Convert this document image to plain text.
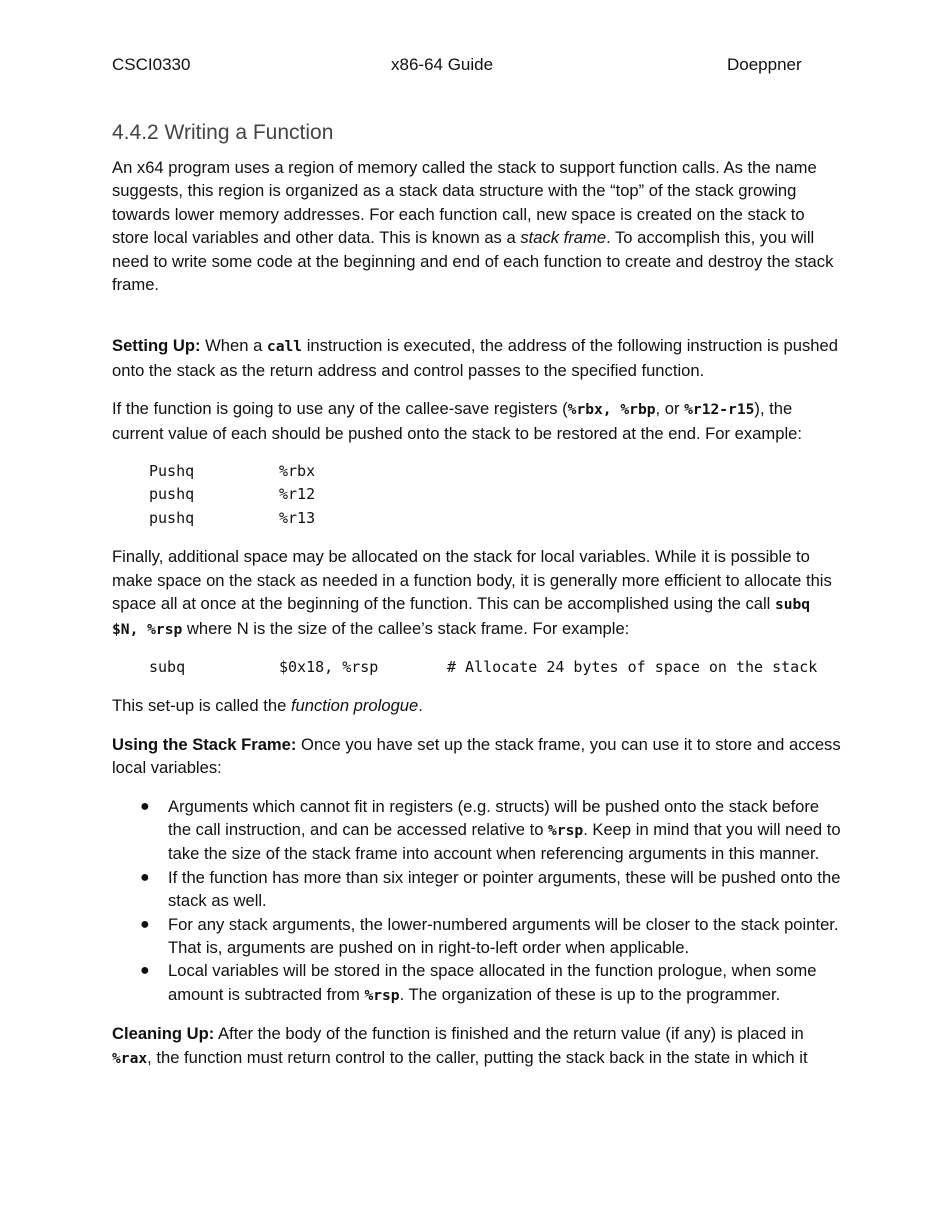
CSCI0330	x86-64 Guide	Doeppner
4.4.2 Writing a Function

An x64 program uses a region of memory called the stack to support function calls. As the name suggests, this region is organized as a stack data structure with the “top” of the stack growing towards lower memory addresses. For each function call, new space is created on the stack to store local variables and other data. This is known as a stack frame. To accomplish this, you will need to write some code at the beginning and end of each function to create and destroy the stack frame.

Setting Up: When a call instruction is executed, the address of the following instruction is pushed onto the stack as the return address and control passes to the specified function.

If the function is going to use any of the callee-save registers (%rbx, %rbp, or %r12-r15), the current value of each should be pushed onto the stack to be restored at the end. For example:

Pushq	%rbx
pushq	%r12
pushq	%r13

Finally, additional space may be allocated on the stack for local variables. While it is possible to make space on the stack as needed in a function body, it is generally more efficient to allocate this space all at once at the beginning of the function. This can be accomplished using the call subq $N, %rsp where N is the size of the callee’s stack frame. For example:

subq	$0x18, %rsp	# Allocate 24 bytes of space on the stack

This set-up is called the function prologue.

Using the Stack Frame: Once you have set up the stack frame, you can use it to store and access local variables:

● Arguments which cannot fit in registers (e.g. structs) will be pushed onto the stack before the call instruction, and can be accessed relative to %rsp. Keep in mind that you will need to take the size of the stack frame into account when referencing arguments in this manner.
● If the function has more than six integer or pointer arguments, these will be pushed onto the stack as well.
● For any stack arguments, the lower-numbered arguments will be closer to the stack pointer. That is, arguments are pushed on in right-to-left order when applicable.
● Local variables will be stored in the space allocated in the function prologue, when some amount is subtracted from %rsp. The organization of these is up to the programmer.

Cleaning Up: After the body of the function is finished and the return value (if any) is placed in %rax, the function must return control to the caller, putting the stack back in the state in which it
